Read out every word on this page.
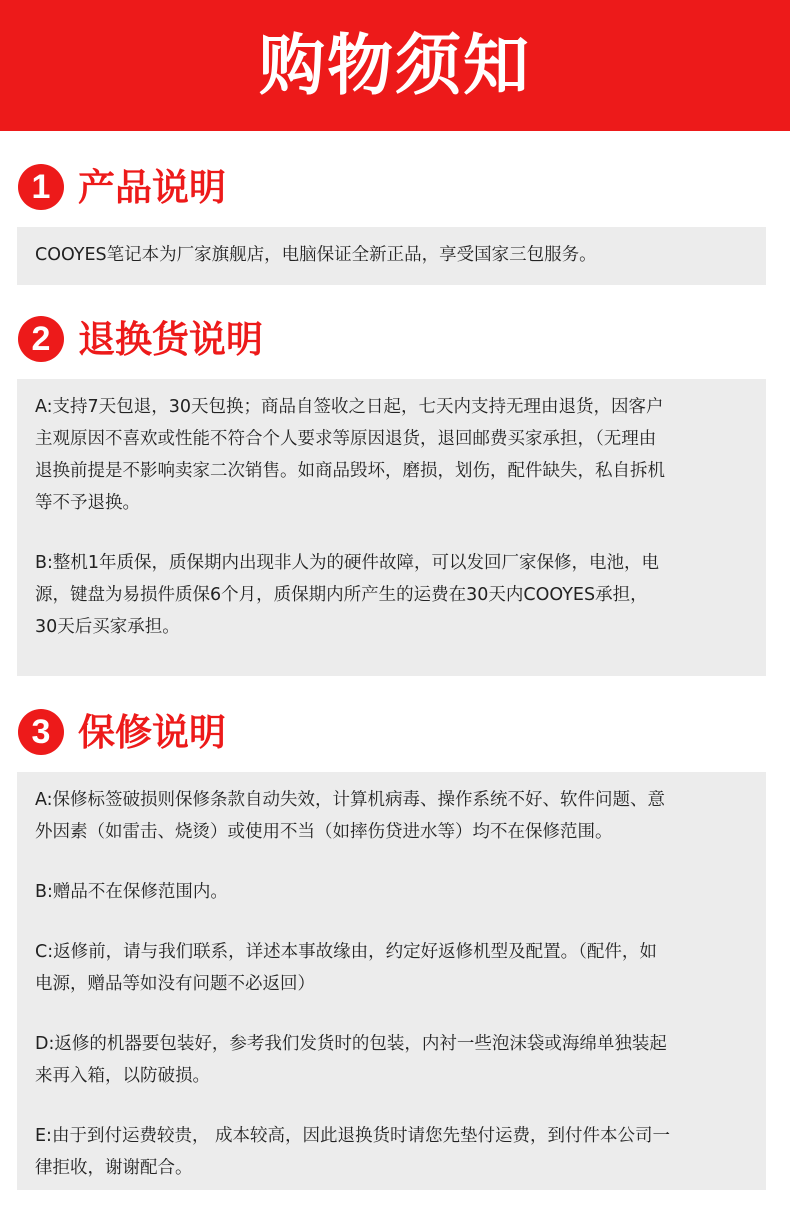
购物须知
1 产品说明

COOYES笔记本为厂家旗舰店，电脑保证全新正品，享受国家三包服务。

2 退换货说明

A:支持7天包退，30天包换；商品自签收之日起，七天内支持无理由退货，因客户
主观原因不喜欢或性能不符合个人要求等原因退货，退回邮费买家承担，（无理由
退换前提是不影响卖家二次销售。如商品毁坏，磨损，划伤，配件缺失，私自拆机
等不予退换。

B:整机1年质保，质保期内出现非人为的硬件故障，可以发回厂家保修，电池，电
源，键盘为易损件质保6个月，质保期内所产生的运费在30天内COOYES承担，
30天后买家承担。

3 保修说明

A:保修标签破损则保修条款自动失效，计算机病毒、操作系统不好、软件问题、意
外因素（如雷击、烧烫）或使用不当（如摔伤贷进水等）均不在保修范围。

B:赠品不在保修范围内。

C:返修前，请与我们联系，详述本事故缘由，约定好返修机型及配置。（配件，如
电源，赠品等如没有问题不必返回）

D:返修的机器要包装好，参考我们发货时的包装，内衬一些泡沫袋或海绵单独装起
来再入箱，以防破损。

E:由于到付运费较贵， 成本较高，因此退换货时请您先垫付运费，到付件本公司一
律拒收，谢谢配合。
